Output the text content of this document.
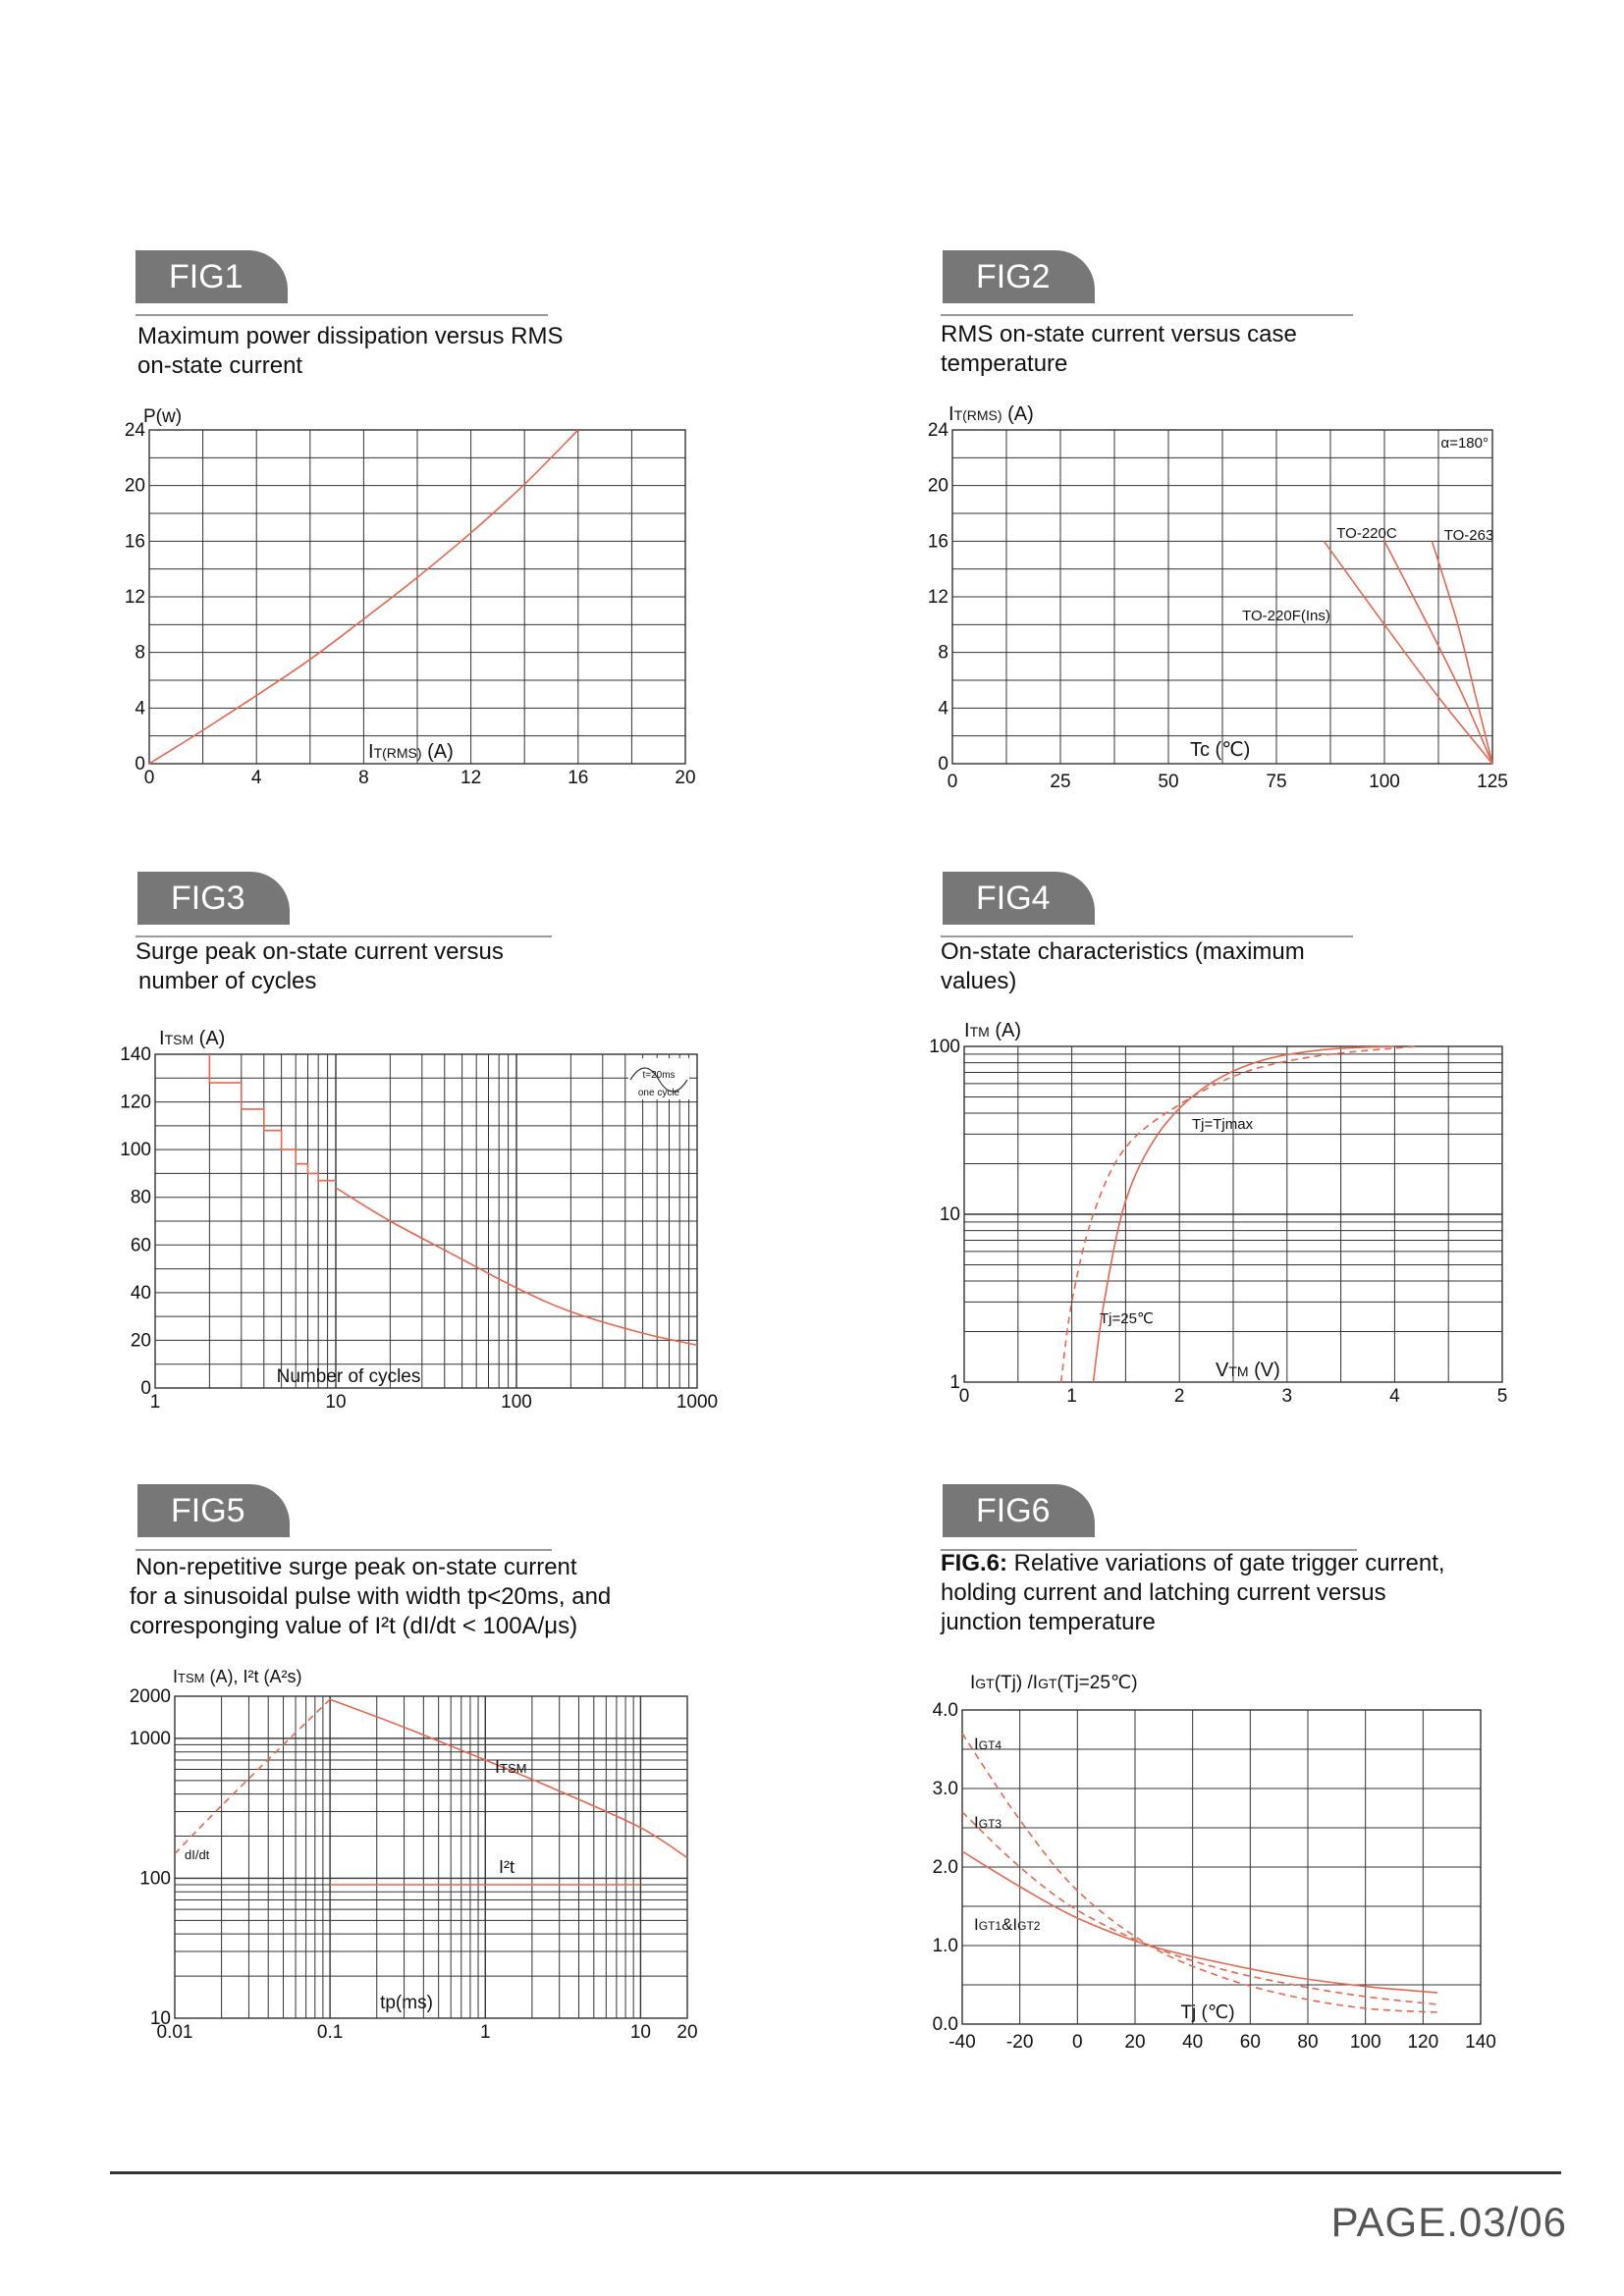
FIG1
Maximum power dissipation versus RMS
on-state current
0	4	8	12	16	20
0
4
8
12
16
20
24
P(w)
IT(RMS) (A)
FIG2
RMS on-state current versus case
temperature
0	25	50	75	100	125
0
4
8
12
16
20
24
IT(RMS) (A)
Tc (℃)
α=180°
TO-220F(Ins)
TO-220C	TO-263
FIG3
Surge peak on-state current versus
number of cycles
1	10	100	1000
0
20
40
60
80
100
120
140
ITSM (A)
Number of cycles
t=20ms
one cycle
FIG4
On-state characteristics (maximum
values)
0	1	2	3	4	5
1
10
100
ITM (A)
VTM (V)
Tj=25℃
Tj=Tjmax
FIG5
Non-repetitive surge peak on-state current
for a sinusoidal pulse with width tp<20ms, and
corresponging value of I²t (dI/dt < 100A/μs)
0.01	0.1	1	10 20
10
100
1000
2000
ITSM (A), I²t (A²s)
tp(ms)
ITSM
I²t
dI/dt
FIG6
FIG.6: Relative variations of gate trigger current,
holding current and latching current versus
junction temperature
-40 -20 0 20 40 60 80 100 120 140
0.0
1.0
2.0
3.0
4.0
IGT(Tj) /IGT(Tj=25℃)
Tj (℃)
IGT4
IGT3
IGT1&IGT2
PAGE.03/06
